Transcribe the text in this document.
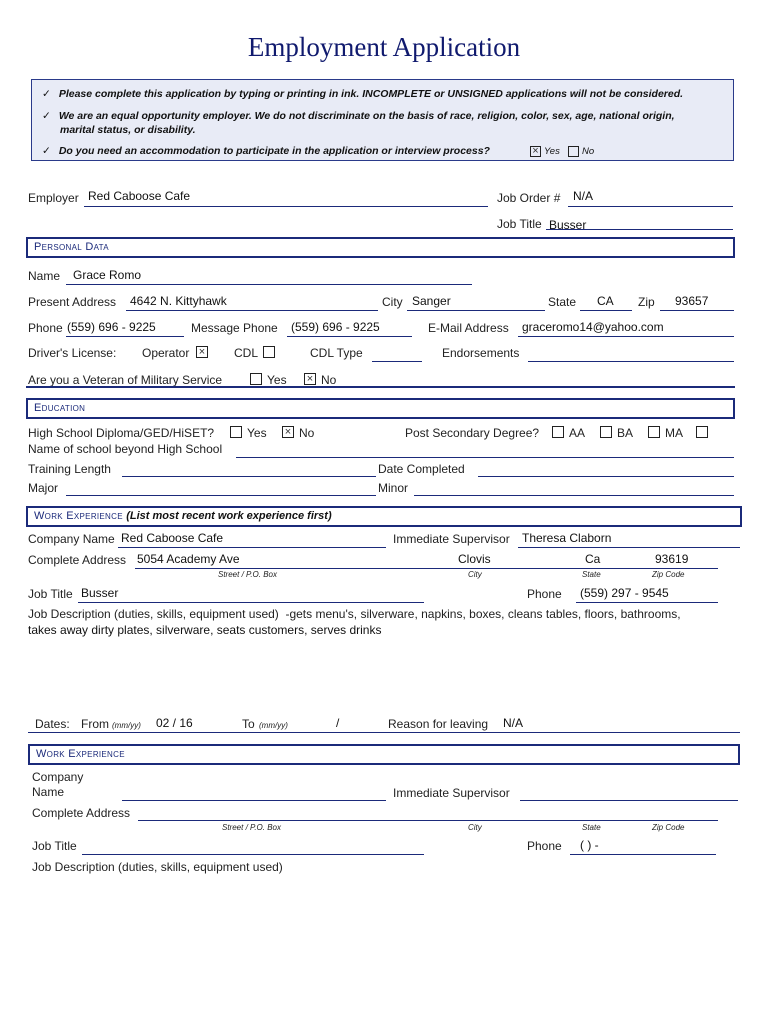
Employment Application
✓ Please complete this application by typing or printing in ink. INCOMPLETE or UNSIGNED applications will not be considered.
✓ We are an equal opportunity employer. We do not discriminate on the basis of race, religion, color, sex, age, national origin,
marital status, or disability.
✓ Do you need an accommodation to participate in the application or interview process?	× Yes No
Employer Red Caboose Cafe	Job Order # N/A
Job Title Busser
Personal Data
Name Grace Romo
Present Address 4642 N. Kittyhawk	City Sanger	State CA Zip 93657
Phone (559) 696 - 9225	Message Phone (559) 696 - 9225	E-Mail Address graceromo14@yahoo.com
Driver's License: Operator × CDL	CDL Type	Endorsements
Are you a Veteran of Military Service	Yes × No
Education
High School Diploma/GED/HiSET?	Yes × No	Post Secondary Degree? AA	BA	MA
Name of school beyond High School
Training Length	Date Completed
Major	Minor
Work Experience (List most recent work experience first)
Company Name Red Caboose Cafe	Immediate Supervisor Theresa Claborn
Complete Address 5054 Academy Ave	Clovis	Ca	93619
Street / P.O. Box	City	State	Zip Code
Job Title Busser	Phone (559) 297 - 9545
Job Description (duties, skills, equipment used) -gets menu's, silverware, napkins, boxes, cleans tables, floors, bathrooms,
takes away dirty plates, silverware, seats customers, serves drinks
Dates: From (mm/yy) 02 / 16	To (mm/yy)	/	Reason for leaving N/A
Work Experience
Company
Name	Immediate Supervisor
Complete Address
Street / P.O. Box	City	State	Zip Code
Job Title	Phone ( ) -
Job Description (duties, skills, equipment used)
